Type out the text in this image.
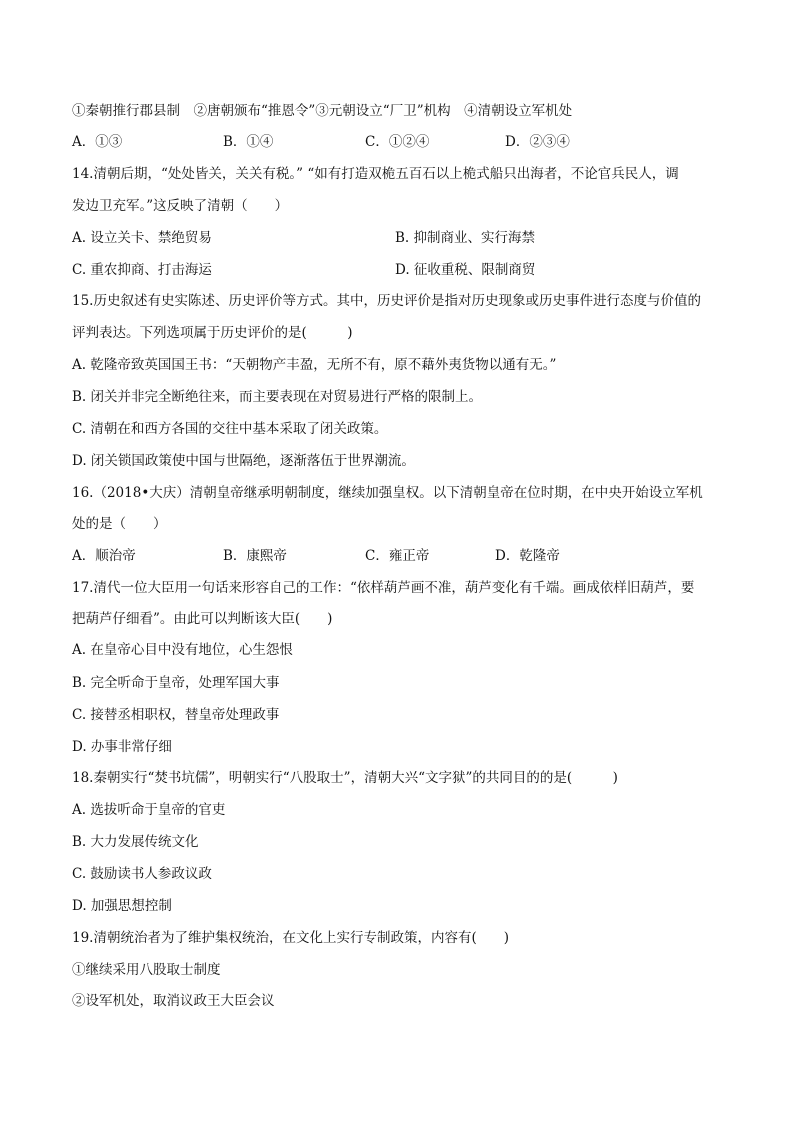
①秦朝推行郡县制　②唐朝颁布“推恩令”③元朝设立“厂卫”机构　④清朝设立军机处
A．①③	B．①④	C．①②④	D．②③④
14.清朝后期，“处处皆关，关关有税。” “如有打造双桅五百石以上桅式船只出海者，不论官兵民人，调
发边卫充军。”这反映了清朝（　　）
A. 设立关卡、禁绝贸易	B. 抑制商业、实行海禁
C. 重农抑商、打击海运	D. 征收重税、限制商贸
15.历史叙述有史实陈述、历史评价等方式。其中，历史评价是指对历史现象或历史事件进行态度与价值的
评判表达。下列选项属于历史评价的是(　　　)
A. 乾隆帝致英国国王书：“天朝物产丰盈，无所不有，原不藉外夷货物以通有无。”
B. 闭关并非完全断绝往来，而主要表现在对贸易进行严格的限制上。
C. 清朝在和西方各国的交往中基本采取了闭关政策。
D. 闭关锁国政策使中国与世隔绝，逐渐落伍于世界潮流。
16.（2018•大庆）清朝皇帝继承明朝制度，继续加强皇权。以下清朝皇帝在位时期，在中央开始设立军机
处的是（　　）
A．顺治帝	B．康熙帝	C．雍正帝	D．乾隆帝
17.清代一位大臣用一句话来形容自己的工作：“依样葫芦画不准，葫芦变化有千端。画成依样旧葫芦，要
把葫芦仔细看”。由此可以判断该大臣(　　)
A. 在皇帝心目中没有地位，心生怨恨
B. 完全听命于皇帝，处理军国大事
C. 接替丞相职权，替皇帝处理政事
D. 办事非常仔细
18.秦朝实行“焚书坑儒”，明朝实行“八股取士”，清朝大兴“文字狱”的共同目的的是(　　　)
A. 选拔听命于皇帝的官吏
B. 大力发展传统文化
C. 鼓励读书人参政议政
D. 加强思想控制
19.清朝统治者为了维护集权统治，在文化上实行专制政策，内容有(　　)
①继续采用八股取士制度
②设军机处，取消议政王大臣会议
